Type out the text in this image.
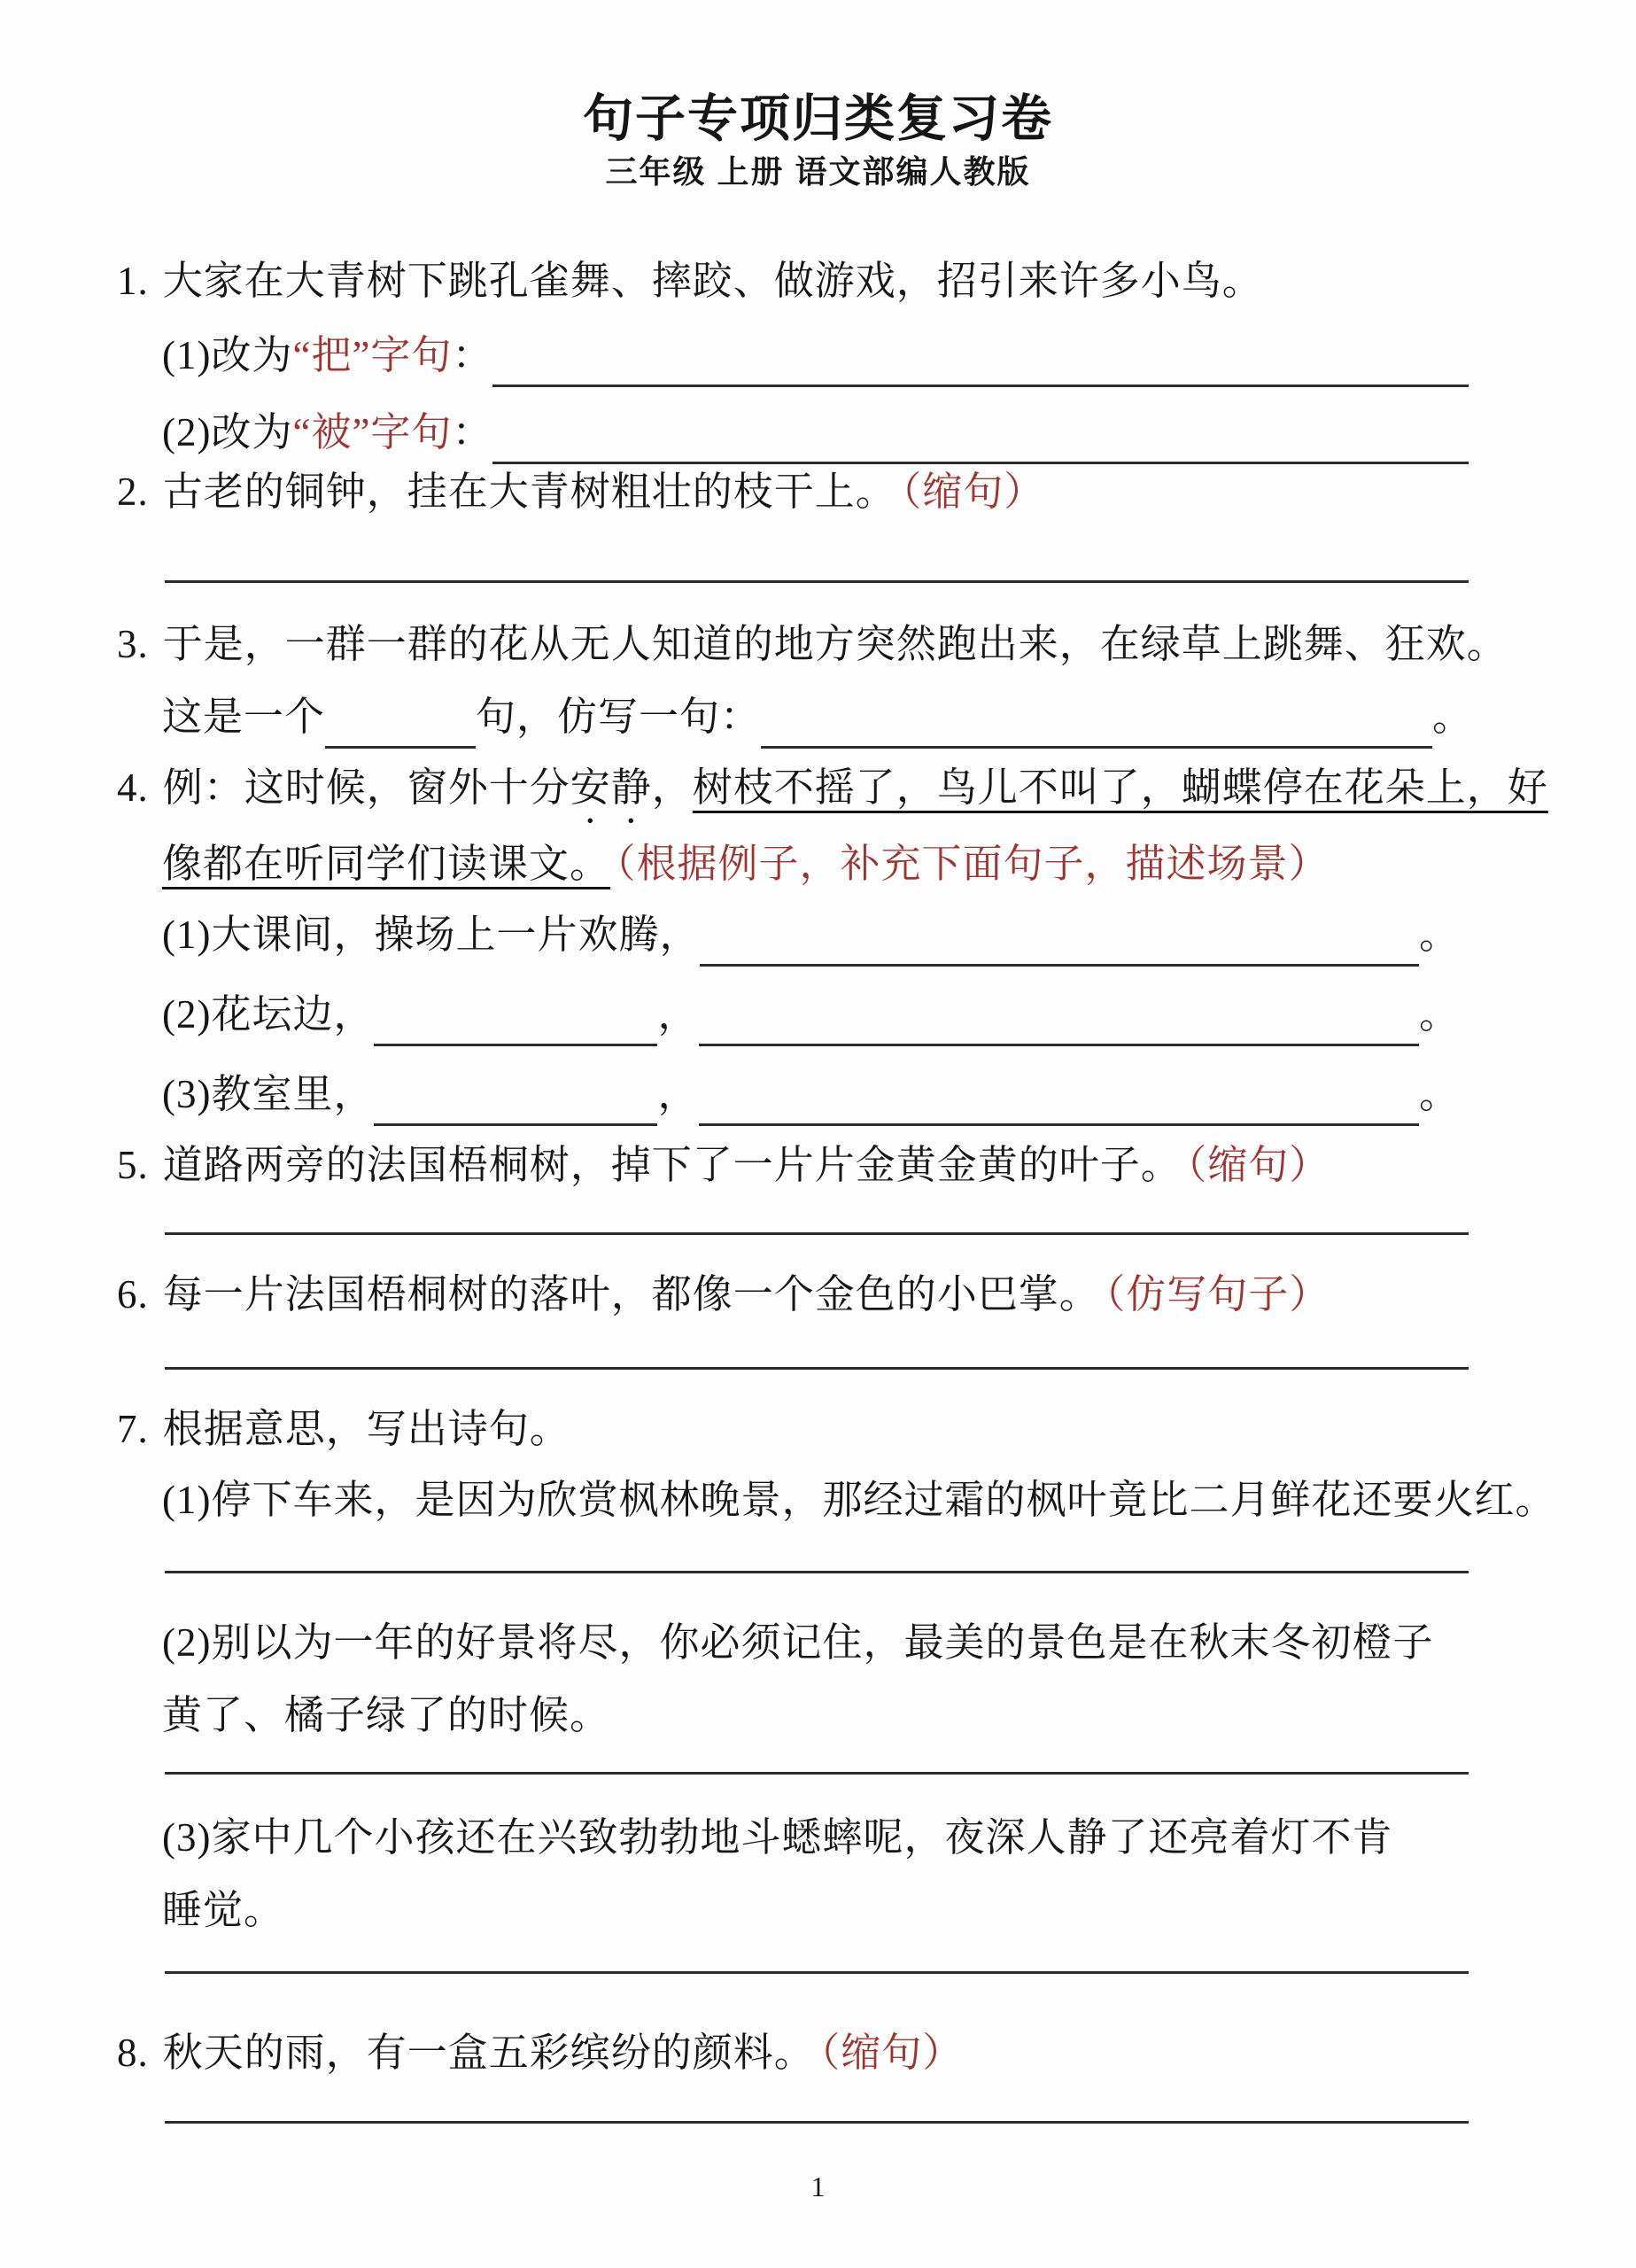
句子专项归类复习卷
三年级 上册 语文部编人教版
1. 大家在大青树下跳孔雀舞、摔跤、做游戏，招引来许多小鸟。
(1)改为 “把”字句 ：
(2)改为 “被”字句 ：
2. 古老的铜钟，挂在大青树粗壮的枝干上。 （缩句）
3. 于是，一群一群的花从无人知道的地方突然跑出来，在绿草上跳舞、狂欢。
这是一个	句，仿写一句：	。
4. 例：这时候，窗外十分安静，树枝不摇了，鸟儿不叫了，蝴蝶停在花朵上，好
像都在听同学们读课文。 （根据例子，补充下面句子，描述场景）
(1)大课间，操场上一片欢腾，	。
(2)花坛边，	，	。
(3)教室里，	，	。
5. 道路两旁的法国梧桐树，掉下了一片片金黄金黄的叶子。 （缩句）
6. 每一片法国梧桐树的落叶，都像一个金色的小巴掌。 （仿写句子）
7. 根据意思，写出诗句。
(1)停下车来，是因为欣赏枫林晚景，那经过霜的枫叶竟比二月鲜花还要火红。
(2)别以为一年的好景将尽，你必须记住，最美的景色是在秋末冬初橙子
黄了、橘子绿了的时候。
(3)家中几个小孩还在兴致勃勃地斗蟋蟀呢，夜深人静了还亮着灯不肯
睡觉。
8. 秋天的雨，有一盒五彩缤纷的颜料。 （缩句）
1
